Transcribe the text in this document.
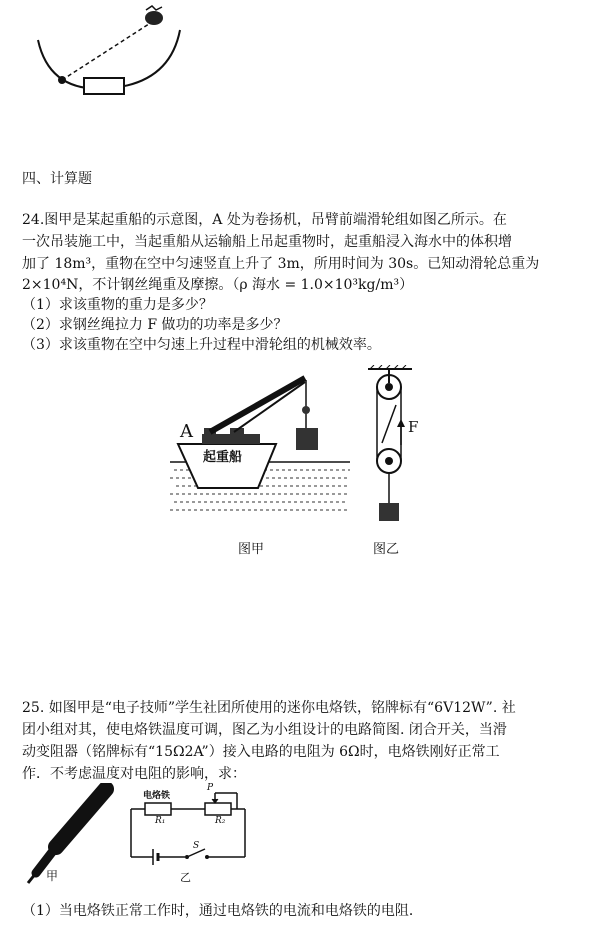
四、计算题
24.图甲是某起重船的示意图，A 处为卷扬机，吊臂前端滑轮组如图乙所示。在
一次吊装施工中，当起重船从运输船上吊起重物时，起重船浸入海水中的体积增
加了 18m³，重物在空中匀速竖直上升了 3m，所用时间为 30s。已知动滑轮总重为
2×10⁴N，不计钢丝绳重及摩擦。（ρ 海水 = 1.0×10³kg/m³）
（1）求该重物的重力是多少？
（2）求钢丝绳拉力 F 做功的功率是多少？
（3）求该重物在空中匀速上升过程中滑轮组的机械效率。
A
起重船
F
图甲	图乙
25. 如图甲是“电子技师”学生社团所使用的迷你电烙铁，铭牌标有“6V12W”. 社
团小组对其，使电烙铁温度可调，图乙为小组设计的电路简图. 闭合开关，当滑
动变阻器（铭牌标有“15Ω2A”）接入电路的电阻为 6Ω时，电烙铁刚好正常工
作．不考虑温度对电阻的影响，求：
甲
电烙铁
R₁	R₂
P
S
乙
（1）当电烙铁正常工作时，通过电烙铁的电流和电烙铁的电阻．
